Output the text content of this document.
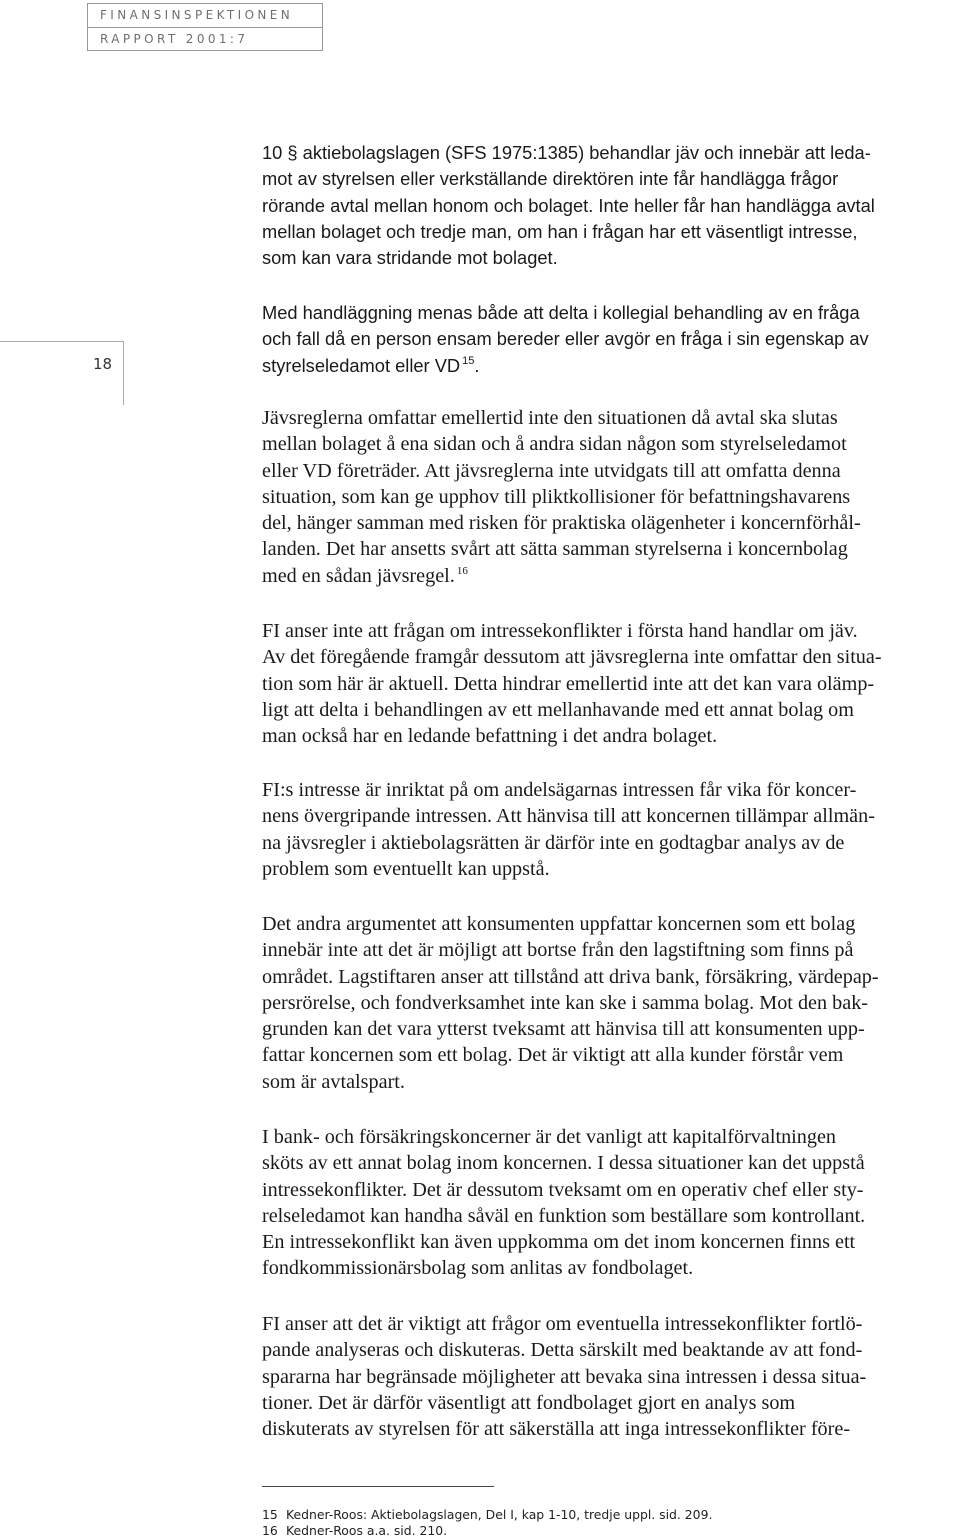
FINANSINSPEKTIONEN
RAPPORT 2001:7
18

10 § aktiebolagslagen (SFS 1975:1385) behandlar jäv och innebär att leda-
mot av styrelsen eller verkställande direktören inte får handlägga frågor
rörande avtal mellan honom och bolaget. Inte heller får han handlägga avtal
mellan bolaget och tredje man, om han i frågan har ett väsentligt intresse,
som kan vara stridande mot bolaget.

Med handläggning menas både att delta i kollegial behandling av en fråga
och fall då en person ensam bereder eller avgör en fråga i sin egenskap av
styrelseledamot eller VD $^{15}$.

Jävsreglerna omfattar emellertid inte den situationen då avtal ska slutas
mellan bolaget å ena sidan och å andra sidan någon som styrelseledamot
eller VD företräder. Att jävsreglerna inte utvidgats till att omfatta denna
situation, som kan ge upphov till pliktkollisioner för befattningshavarens
del, hänger samman med risken för praktiska olägenheter i koncernförhål-
landen. Det har ansetts svårt att sätta samman styrelserna i koncernbolag
med en sådan jävsregel. $^{16}$

FI anser inte att frågan om intressekonflikter i första hand handlar om jäv.
Av det föregående framgår dessutom att jävsreglerna inte omfattar den situa-
tion som här är aktuell. Detta hindrar emellertid inte att det kan vara olämp-
ligt att delta i behandlingen av ett mellanhavande med ett annat bolag om
man också har en ledande befattning i det andra bolaget.

FI:s intresse är inriktat på om andelsägarnas intressen får vika för koncer-
nens övergripande intressen. Att hänvisa till att koncernen tillämpar allmän-
na jävsregler i aktiebolagsrätten är därför inte en godtagbar analys av de
problem som eventuellt kan uppstå.

Det andra argumentet att konsumenten uppfattar koncernen som ett bolag
innebär inte att det är möjligt att bortse från den lagstiftning som finns på
området. Lagstiftaren anser att tillstånd att driva bank, försäkring, värdepap-
persrörelse, och fondverksamhet inte kan ske i samma bolag. Mot den bak-
grunden kan det vara ytterst tveksamt att hänvisa till att konsumenten upp-
fattar koncernen som ett bolag. Det är viktigt att alla kunder förstår vem
som är avtalspart.

I bank- och försäkringskoncerner är det vanligt att kapitalförvaltningen
sköts av ett annat bolag inom koncernen. I dessa situationer kan det uppstå
intressekonflikter. Det är dessutom tveksamt om en operativ chef eller sty-
relseledamot kan handha såväl en funktion som beställare som kontrollant.
En intressekonflikt kan även uppkomma om det inom koncernen finns ett
fondkommissionärsbolag som anlitas av fondbolaget.

FI anser att det är viktigt att frågor om eventuella intressekonflikter fortlö-
pande analyseras och diskuteras. Detta särskilt med beaktande av att fond-
spararna har begränsade möjligheter att bevaka sina intressen i dessa situa-
tioner. Det är därför väsentligt att fondbolaget gjort en analys som
diskuterats av styrelsen för att säkerställa att inga intressekonflikter före-

15 Kedner-Roos: Aktiebolagslagen, Del I, kap 1-10, tredje uppl. sid. 209.
16 Kedner-Roos a.a. sid. 210.
